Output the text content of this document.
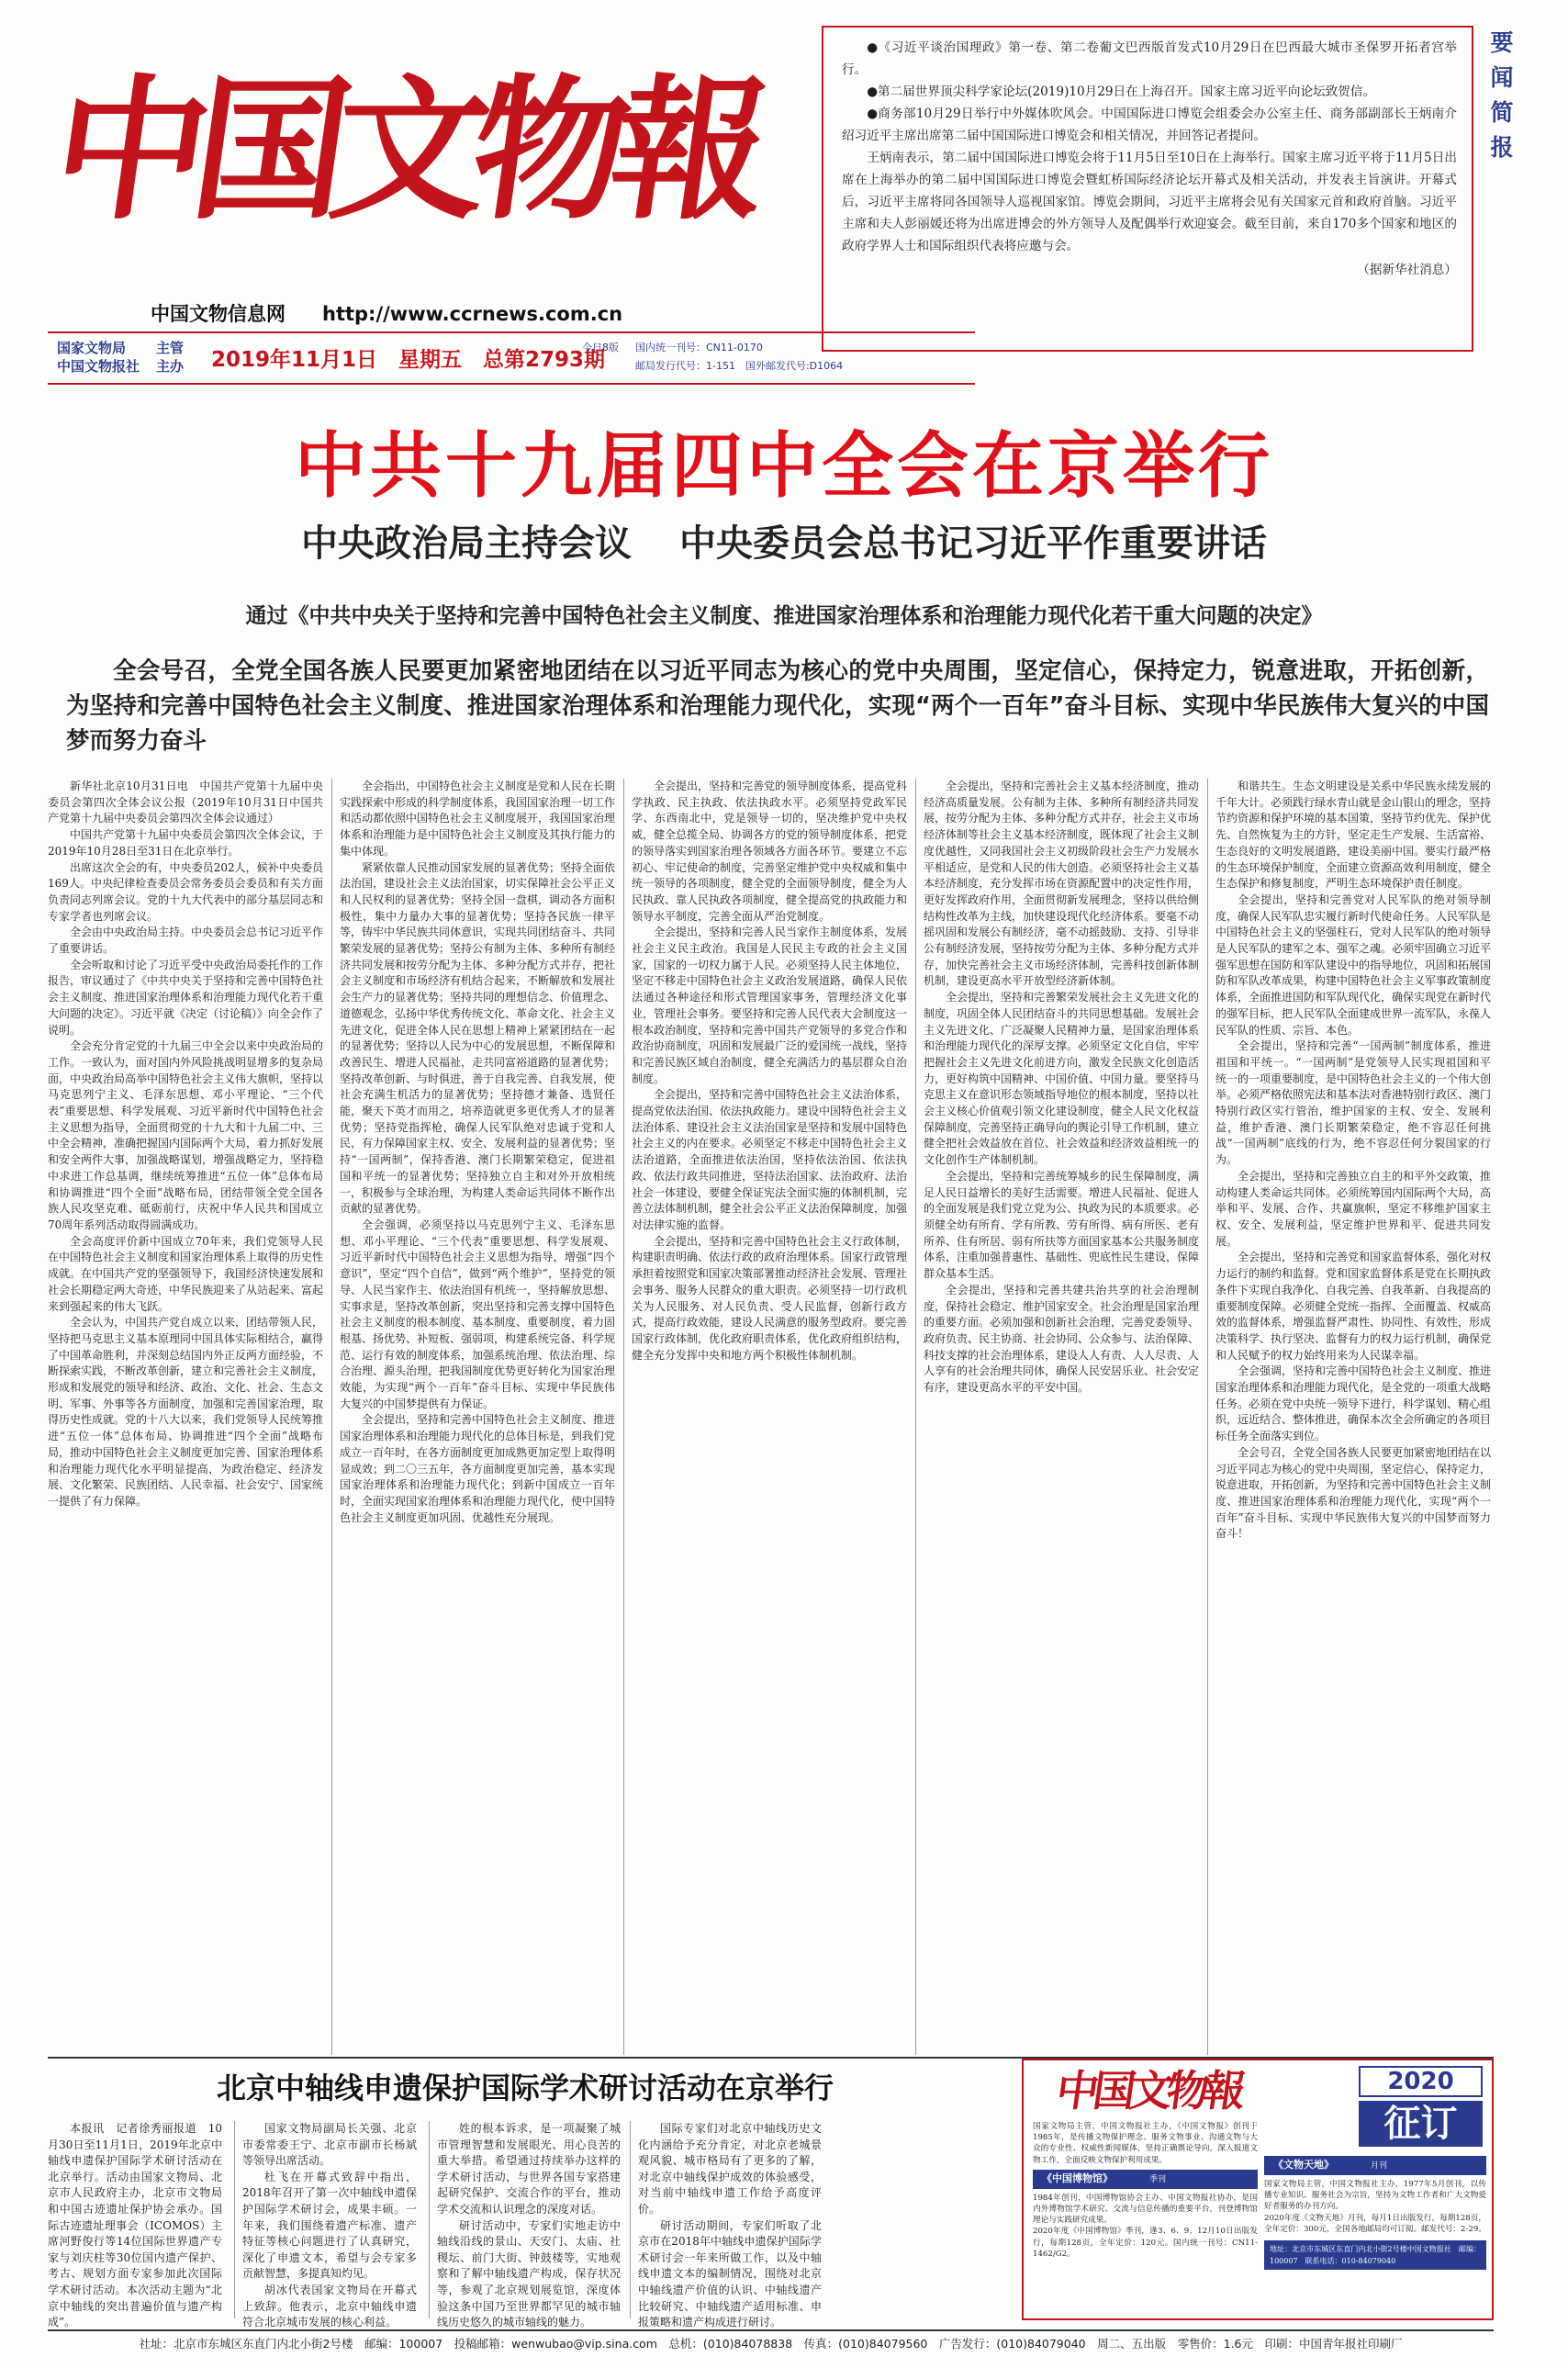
中国文物報
中国文物信息网 http://www.ccrnews.com.cn
国家文物局
中国文物报社
主管
主办 2019年11月1日　 星期五　 总第2793期
今日8版 国内统一刊号：CN11-0170
邮局发行代号：1-151　 国外邮发代号:D1064

●《习近平谈治国理政》第一卷、第二卷葡文巴西版首发式10月29日在巴西最大城市圣保罗开拓者宫举行。

●第二届世界顶尖科学家论坛(2019)10月29日在上海召开。国家主席习近平向论坛致贺信。

●商务部10月29日举行中外媒体吹风会。中国国际进口博览会组委会办公室主任、商务部副部长王炳南介绍习近平主席出席第二届中国国际进口博览会和相关情况，并回答记者提问。

王炳南表示，第二届中国国际进口博览会将于11月5日至10日在上海举行。国家主席习近平将于11月5日出席在上海举办的第二届中国国际进口博览会暨虹桥国际经济论坛开幕式及相关活动，并发表主旨演讲。开幕式后，习近平主席将同各国领导人巡视国家馆。博览会期间，习近平主席将会见有关国家元首和政府首脑。习近平主席和夫人彭丽媛还将为出席进博会的外方领导人及配偶举行欢迎宴会。截至目前，来自170多个国家和地区的政府学界人士和国际组织代表将应邀与会。

（据新华社消息）

要闻简报
中共十九届四中全会在京举行
中央政治局主持会议 中央委员会总书记习近平作重要讲话
通过《中共中央关于坚持和完善中国特色社会主义制度、推进国家治理体系和治理能力现代化若干重大问题的决定》
全会号召，全党全国各族人民要更加紧密地团结在以习近平同志为核心的党中央周围，坚定信心，保持定力，锐意进取，开拓创新，为坚持和完善中国特色社会主义制度、推进国家治理体系和治理能力现代化，实现“两个一百年”奋斗目标、实现中华民族伟大复兴的中国梦而努力奋斗

新华社北京10月31日电　中国共产党第十九届中央委员会第四次全体会议公报（2019年10月31日中国共产党第十九届中央委员会第四次全体会议通过）

中国共产党第十九届中央委员会第四次全体会议，于2019年10月28日至31日在北京举行。

出席这次全会的有，中央委员202人，候补中央委员169人。中央纪律检查委员会常务委员会委员和有关方面负责同志列席会议。党的十九大代表中的部分基层同志和专家学者也列席会议。

全会由中央政治局主持。中央委员会总书记习近平作了重要讲话。

全会听取和讨论了习近平受中央政治局委托作的工作报告，审议通过了《中共中央关于坚持和完善中国特色社会主义制度、推进国家治理体系和治理能力现代化若干重大问题的决定》。习近平就《决定（讨论稿）》向全会作了说明。

全会充分肯定党的十九届三中全会以来中央政治局的工作。一致认为，面对国内外风险挑战明显增多的复杂局面，中央政治局高举中国特色社会主义伟大旗帜，坚持以马克思列宁主义、毛泽东思想、邓小平理论、“三个代表”重要思想、科学发展观、习近平新时代中国特色社会主义思想为指导，全面贯彻党的十九大和十九届二中、三中全会精神，准确把握国内国际两个大局，着力抓好发展和安全两件大事，加强战略谋划，增强战略定力，坚持稳中求进工作总基调，继续统筹推进“五位一体”总体布局和协调推进“四个全面”战略布局，团结带领全党全国各族人民攻坚克难、砥砺前行，庆祝中华人民共和国成立70周年系列活动取得圆满成功。

全会高度评价新中国成立70年来，我们党领导人民在中国特色社会主义制度和国家治理体系上取得的历史性成就。在中国共产党的坚强领导下，我国经济快速发展和社会长期稳定两大奇迹，中华民族迎来了从站起来、富起来到强起来的伟大飞跃。

全会认为，中国共产党自成立以来，团结带领人民，坚持把马克思主义基本原理同中国具体实际相结合，赢得了中国革命胜利，并深刻总结国内外正反两方面经验，不断探索实践，不断改革创新，建立和完善社会主义制度，形成和发展党的领导和经济、政治、文化、社会、生态文明、军事、外事等各方面制度，加强和完善国家治理，取得历史性成就。党的十八大以来，我们党领导人民统筹推进“五位一体”总体布局、协调推进“四个全面”战略布局，推动中国特色社会主义制度更加完善、国家治理体系和治理能力现代化水平明显提高，为政治稳定、经济发展、文化繁荣、民族团结、人民幸福、社会安宁、国家统一提供了有力保障。

全会指出，中国特色社会主义制度是党和人民在长期实践探索中形成的科学制度体系，我国国家治理一切工作和活动都依照中国特色社会主义制度展开，我国国家治理体系和治理能力是中国特色社会主义制度及其执行能力的集中体现。

紧紧依靠人民推动国家发展的显著优势；坚持全面依法治国，建设社会主义法治国家，切实保障社会公平正义和人民权利的显著优势；坚持全国一盘棋，调动各方面积极性，集中力量办大事的显著优势；坚持各民族一律平等，铸牢中华民族共同体意识，实现共同团结奋斗、共同繁荣发展的显著优势；坚持公有制为主体、多种所有制经济共同发展和按劳分配为主体、多种分配方式并存，把社会主义制度和市场经济有机结合起来，不断解放和发展社会生产力的显著优势；坚持共同的理想信念、价值理念、道德观念，弘扬中华优秀传统文化、革命文化、社会主义先进文化，促进全体人民在思想上精神上紧紧团结在一起的显著优势；坚持以人民为中心的发展思想，不断保障和改善民生、增进人民福祉，走共同富裕道路的显著优势；坚持改革创新、与时俱进，善于自我完善、自我发展，使社会充满生机活力的显著优势；坚持德才兼备、选贤任能，聚天下英才而用之，培养造就更多更优秀人才的显著优势；坚持党指挥枪，确保人民军队绝对忠诚于党和人民，有力保障国家主权、安全、发展利益的显著优势；坚持“一国两制”，保持香港、澳门长期繁荣稳定，促进祖国和平统一的显著优势；坚持独立自主和对外开放相统一，积极参与全球治理，为构建人类命运共同体不断作出贡献的显著优势。

全会强调，必须坚持以马克思列宁主义、毛泽东思想、邓小平理论、“三个代表”重要思想、科学发展观、习近平新时代中国特色社会主义思想为指导，增强“四个意识”，坚定“四个自信”，做到“两个维护”，坚持党的领导、人民当家作主、依法治国有机统一，坚持解放思想、实事求是，坚持改革创新，突出坚持和完善支撑中国特色社会主义制度的根本制度、基本制度、重要制度，着力固根基、扬优势、补短板、强弱项，构建系统完备、科学规范、运行有效的制度体系，加强系统治理、依法治理、综合治理、源头治理，把我国制度优势更好转化为国家治理效能，为实现“两个一百年”奋斗目标、实现中华民族伟大复兴的中国梦提供有力保证。

全会提出，坚持和完善中国特色社会主义制度、推进国家治理体系和治理能力现代化的总体目标是，到我们党成立一百年时，在各方面制度更加成熟更加定型上取得明显成效；到二〇三五年，各方面制度更加完善，基本实现国家治理体系和治理能力现代化；到新中国成立一百年时，全面实现国家治理体系和治理能力现代化，使中国特色社会主义制度更加巩固、优越性充分展现。

全会提出，坚持和完善党的领导制度体系，提高党科学执政、民主执政、依法执政水平。必须坚持党政军民学、东西南北中，党是领导一切的，坚决维护党中央权威，健全总揽全局、协调各方的党的领导制度体系，把党的领导落实到国家治理各领域各方面各环节。要建立不忘初心、牢记使命的制度，完善坚定维护党中央权威和集中统一领导的各项制度，健全党的全面领导制度，健全为人民执政、靠人民执政各项制度，健全提高党的执政能力和领导水平制度，完善全面从严治党制度。

全会提出，坚持和完善人民当家作主制度体系，发展社会主义民主政治。我国是人民民主专政的社会主义国家，国家的一切权力属于人民。必须坚持人民主体地位，坚定不移走中国特色社会主义政治发展道路，确保人民依法通过各种途径和形式管理国家事务，管理经济文化事业，管理社会事务。要坚持和完善人民代表大会制度这一根本政治制度，坚持和完善中国共产党领导的多党合作和政治协商制度，巩固和发展最广泛的爱国统一战线，坚持和完善民族区域自治制度，健全充满活力的基层群众自治制度。

全会提出，坚持和完善中国特色社会主义法治体系，提高党依法治国、依法执政能力。建设中国特色社会主义法治体系、建设社会主义法治国家是坚持和发展中国特色社会主义的内在要求。必须坚定不移走中国特色社会主义法治道路，全面推进依法治国，坚持依法治国、依法执政、依法行政共同推进，坚持法治国家、法治政府、法治社会一体建设，要健全保证宪法全面实施的体制机制，完善立法体制机制，健全社会公平正义法治保障制度，加强对法律实施的监督。

全会提出，坚持和完善中国特色社会主义行政体制，构建职责明确、依法行政的政府治理体系。国家行政管理承担着按照党和国家决策部署推动经济社会发展、管理社会事务、服务人民群众的重大职责。必须坚持一切行政机关为人民服务、对人民负责、受人民监督，创新行政方式，提高行政效能，建设人民满意的服务型政府。要完善国家行政体制，优化政府职责体系，优化政府组织结构，健全充分发挥中央和地方两个积极性体制机制。

全会提出，坚持和完善社会主义基本经济制度，推动经济高质量发展。公有制为主体、多种所有制经济共同发展，按劳分配为主体、多种分配方式并存，社会主义市场经济体制等社会主义基本经济制度，既体现了社会主义制度优越性，又同我国社会主义初级阶段社会生产力发展水平相适应，是党和人民的伟大创造。必须坚持社会主义基本经济制度，充分发挥市场在资源配置中的决定性作用，更好发挥政府作用，全面贯彻新发展理念，坚持以供给侧结构性改革为主线，加快建设现代化经济体系。要毫不动摇巩固和发展公有制经济，毫不动摇鼓励、支持、引导非公有制经济发展，坚持按劳分配为主体、多种分配方式并存，加快完善社会主义市场经济体制，完善科技创新体制机制，建设更高水平开放型经济新体制。

全会提出，坚持和完善繁荣发展社会主义先进文化的制度，巩固全体人民团结奋斗的共同思想基础。发展社会主义先进文化、广泛凝聚人民精神力量，是国家治理体系和治理能力现代化的深厚支撑。必须坚定文化自信，牢牢把握社会主义先进文化前进方向，激发全民族文化创造活力，更好构筑中国精神、中国价值、中国力量。要坚持马克思主义在意识形态领域指导地位的根本制度，坚持以社会主义核心价值观引领文化建设制度，健全人民文化权益保障制度，完善坚持正确导向的舆论引导工作机制，建立健全把社会效益放在首位、社会效益和经济效益相统一的文化创作生产体制机制。

全会提出，坚持和完善统筹城乡的民生保障制度，满足人民日益增长的美好生活需要。增进人民福祉、促进人的全面发展是我们党立党为公、执政为民的本质要求。必须健全幼有所育、学有所教、劳有所得、病有所医、老有所养、住有所居、弱有所扶等方面国家基本公共服务制度体系，注重加强普惠性、基础性、兜底性民生建设，保障群众基本生活。

全会提出，坚持和完善共建共治共享的社会治理制度，保持社会稳定、维护国家安全。社会治理是国家治理的重要方面。必须加强和创新社会治理，完善党委领导、政府负责、民主协商、社会协同、公众参与、法治保障、科技支撑的社会治理体系，建设人人有责、人人尽责、人人享有的社会治理共同体，确保人民安居乐业、社会安定有序，建设更高水平的平安中国。

和谐共生。生态文明建设是关系中华民族永续发展的千年大计。必须践行绿水青山就是金山银山的理念，坚持节约资源和保护环境的基本国策，坚持节约优先、保护优先、自然恢复为主的方针，坚定走生产发展、生活富裕、生态良好的文明发展道路，建设美丽中国。要实行最严格的生态环境保护制度，全面建立资源高效利用制度，健全生态保护和修复制度，严明生态环境保护责任制度。

全会提出，坚持和完善党对人民军队的绝对领导制度，确保人民军队忠实履行新时代使命任务。人民军队是中国特色社会主义的坚强柱石，党对人民军队的绝对领导是人民军队的建军之本、强军之魂。必须牢固确立习近平强军思想在国防和军队建设中的指导地位，巩固和拓展国防和军队改革成果，构建中国特色社会主义军事政策制度体系，全面推进国防和军队现代化，确保实现党在新时代的强军目标，把人民军队全面建成世界一流军队，永葆人民军队的性质、宗旨、本色。

全会提出，坚持和完善“一国两制”制度体系，推进祖国和平统一。“一国两制”是党领导人民实现祖国和平统一的一项重要制度，是中国特色社会主义的一个伟大创举。必须严格依照宪法和基本法对香港特别行政区、澳门特别行政区实行管治，维护国家的主权、安全、发展利益，维护香港、澳门长期繁荣稳定，绝不容忍任何挑战“一国两制”底线的行为，绝不容忍任何分裂国家的行为。

全会提出，坚持和完善独立自主的和平外交政策，推动构建人类命运共同体。必须统筹国内国际两个大局，高举和平、发展、合作、共赢旗帜，坚定不移维护国家主权、安全、发展利益，坚定维护世界和平、促进共同发展。

全会提出，坚持和完善党和国家监督体系，强化对权力运行的制约和监督。党和国家监督体系是党在长期执政条件下实现自我净化、自我完善、自我革新、自我提高的重要制度保障。必须健全党统一指挥、全面覆盖、权威高效的监督体系，增强监督严肃性、协同性、有效性，形成决策科学、执行坚决、监督有力的权力运行机制，确保党和人民赋予的权力始终用来为人民谋幸福。

全会强调，坚持和完善中国特色社会主义制度、推进国家治理体系和治理能力现代化，是全党的一项重大战略任务。必须在党中央统一领导下进行，科学谋划、精心组织，远近结合、整体推进，确保本次全会所确定的各项目标任务全面落实到位。

全会号召，全党全国各族人民要更加紧密地团结在以习近平同志为核心的党中央周围，坚定信心，保持定力，锐意进取，开拓创新，为坚持和完善中国特色社会主义制度、推进国家治理体系和治理能力现代化，实现“两个一百年”奋斗目标、实现中华民族伟大复兴的中国梦而努力奋斗！

北京中轴线申遗保护国际学术研讨活动在京举行

本报讯　记者徐秀丽报道　10月30日至11月1日，2019年北京中轴线申遗保护国际学术研讨活动在北京举行。活动由国家文物局、北京市人民政府主办，北京市文物局和中国古迹遗址保护协会承办。国际古迹遗址理事会（ICOMOS）主席河野俊行等14位国际世界遗产专家与刘庆柱等30位国内遗产保护、考古、规划方面专家参加此次国际学术研讨活动。本次活动主题为“北京中轴线的突出普遍价值与遗产构成”。

国家文物局副局长关强、北京市委常委王宁、北京市副市长杨斌等领导出席活动。

杜飞在开幕式致辞中指出，2018年召开了第一次中轴线申遗保护国际学术研讨会，成果丰硕。一年来，我们围绕着遗产标准、遗产特征等核心问题进行了认真研究，深化了申遗文本，希望与会专家多贡献智慧，多提真知灼见。

胡冰代表国家文物局在开幕式上致辞。他表示，北京中轴线申遗符合北京城市发展的核心利益。

姓的根本诉求，是一项凝聚了城市管理智慧和发展眼光、用心良苦的重大举措。希望通过持续举办这样的学术研讨活动，与世界各国专家搭建起研究保护、交流合作的平台，推动学术交流和认识理念的深度对话。

研讨活动中，专家们实地走访中轴线沿线的景山、天安门、太庙、社稷坛、前门大街、钟鼓楼等，实地观察和了解中轴线遗产构成，保存状况等，参观了北京规划展览馆，深度体验这条中国乃至世界都罕见的城市轴线历史悠久的城市轴线的魅力。

国际专家们对北京中轴线历史文化内涵给予充分肯定，对北京老城景观风貌、城市格局有了更多的了解，对北京中轴线保护成效的体验感受，对当前中轴线申遗工作给予高度评价。

研讨活动期间，专家们听取了北京市在2018年中轴线申遗保护国际学术研讨会一年来所做工作，以及中轴线申遗文本的编制情况，围绕对北京中轴线遗产价值的认识、中轴线遗产比较研究、中轴线遗产适用标准、申报策略和遗产构成进行研讨。

中国文物報	2020
征订
国家文物局主管，中国文物报社主办，《中国文物报》创刊于1985年，是传播文物保护理念、服务文物事业、沟通文物与大众的专业性、权威性新闻媒体，坚持正确舆论导向，深入报道文物工作，全面反映文物保护利用成果。
《中国博物馆》	季刊
1984年创刊，中国博物馆协会主办、中国文物报社协办，是国内外博物馆学术研究、交流与信息传播的重要平台，刊登博物馆理论与实践研究成果。
2020年度《中国博物馆》季刊，逢3、6、9、12月10日出版发行，每期128页，全年定价：120元。国内统一刊号：CN11-1462/G2。
《文物天地》	月刊
国家文物局主管，中国文物报社主办，1977年5月创刊，以传播专业知识、服务社会为宗旨，坚持为文物工作者和广大文物爱好者服务的办刊方向。
2020年度《文物天地》月刊，每月1日出版发行，每期128页，全年定价：300元，全国各地邮局均可订阅。邮发代号：2-29。
地址：北京市东城区东直门内北小街2号楼中国文物报社　邮编：100007　联系电话：010-84079040
社址：北京市东城区东直门内北小街2号楼　邮编：100007　投稿邮箱：wenwubao@vip.sina.com　总机：(010)84078838　传真：(010)84079560　广告发行：(010)84079040　周二、五出版　零售价：1.6元　印刷：中国青年报社印刷厂
